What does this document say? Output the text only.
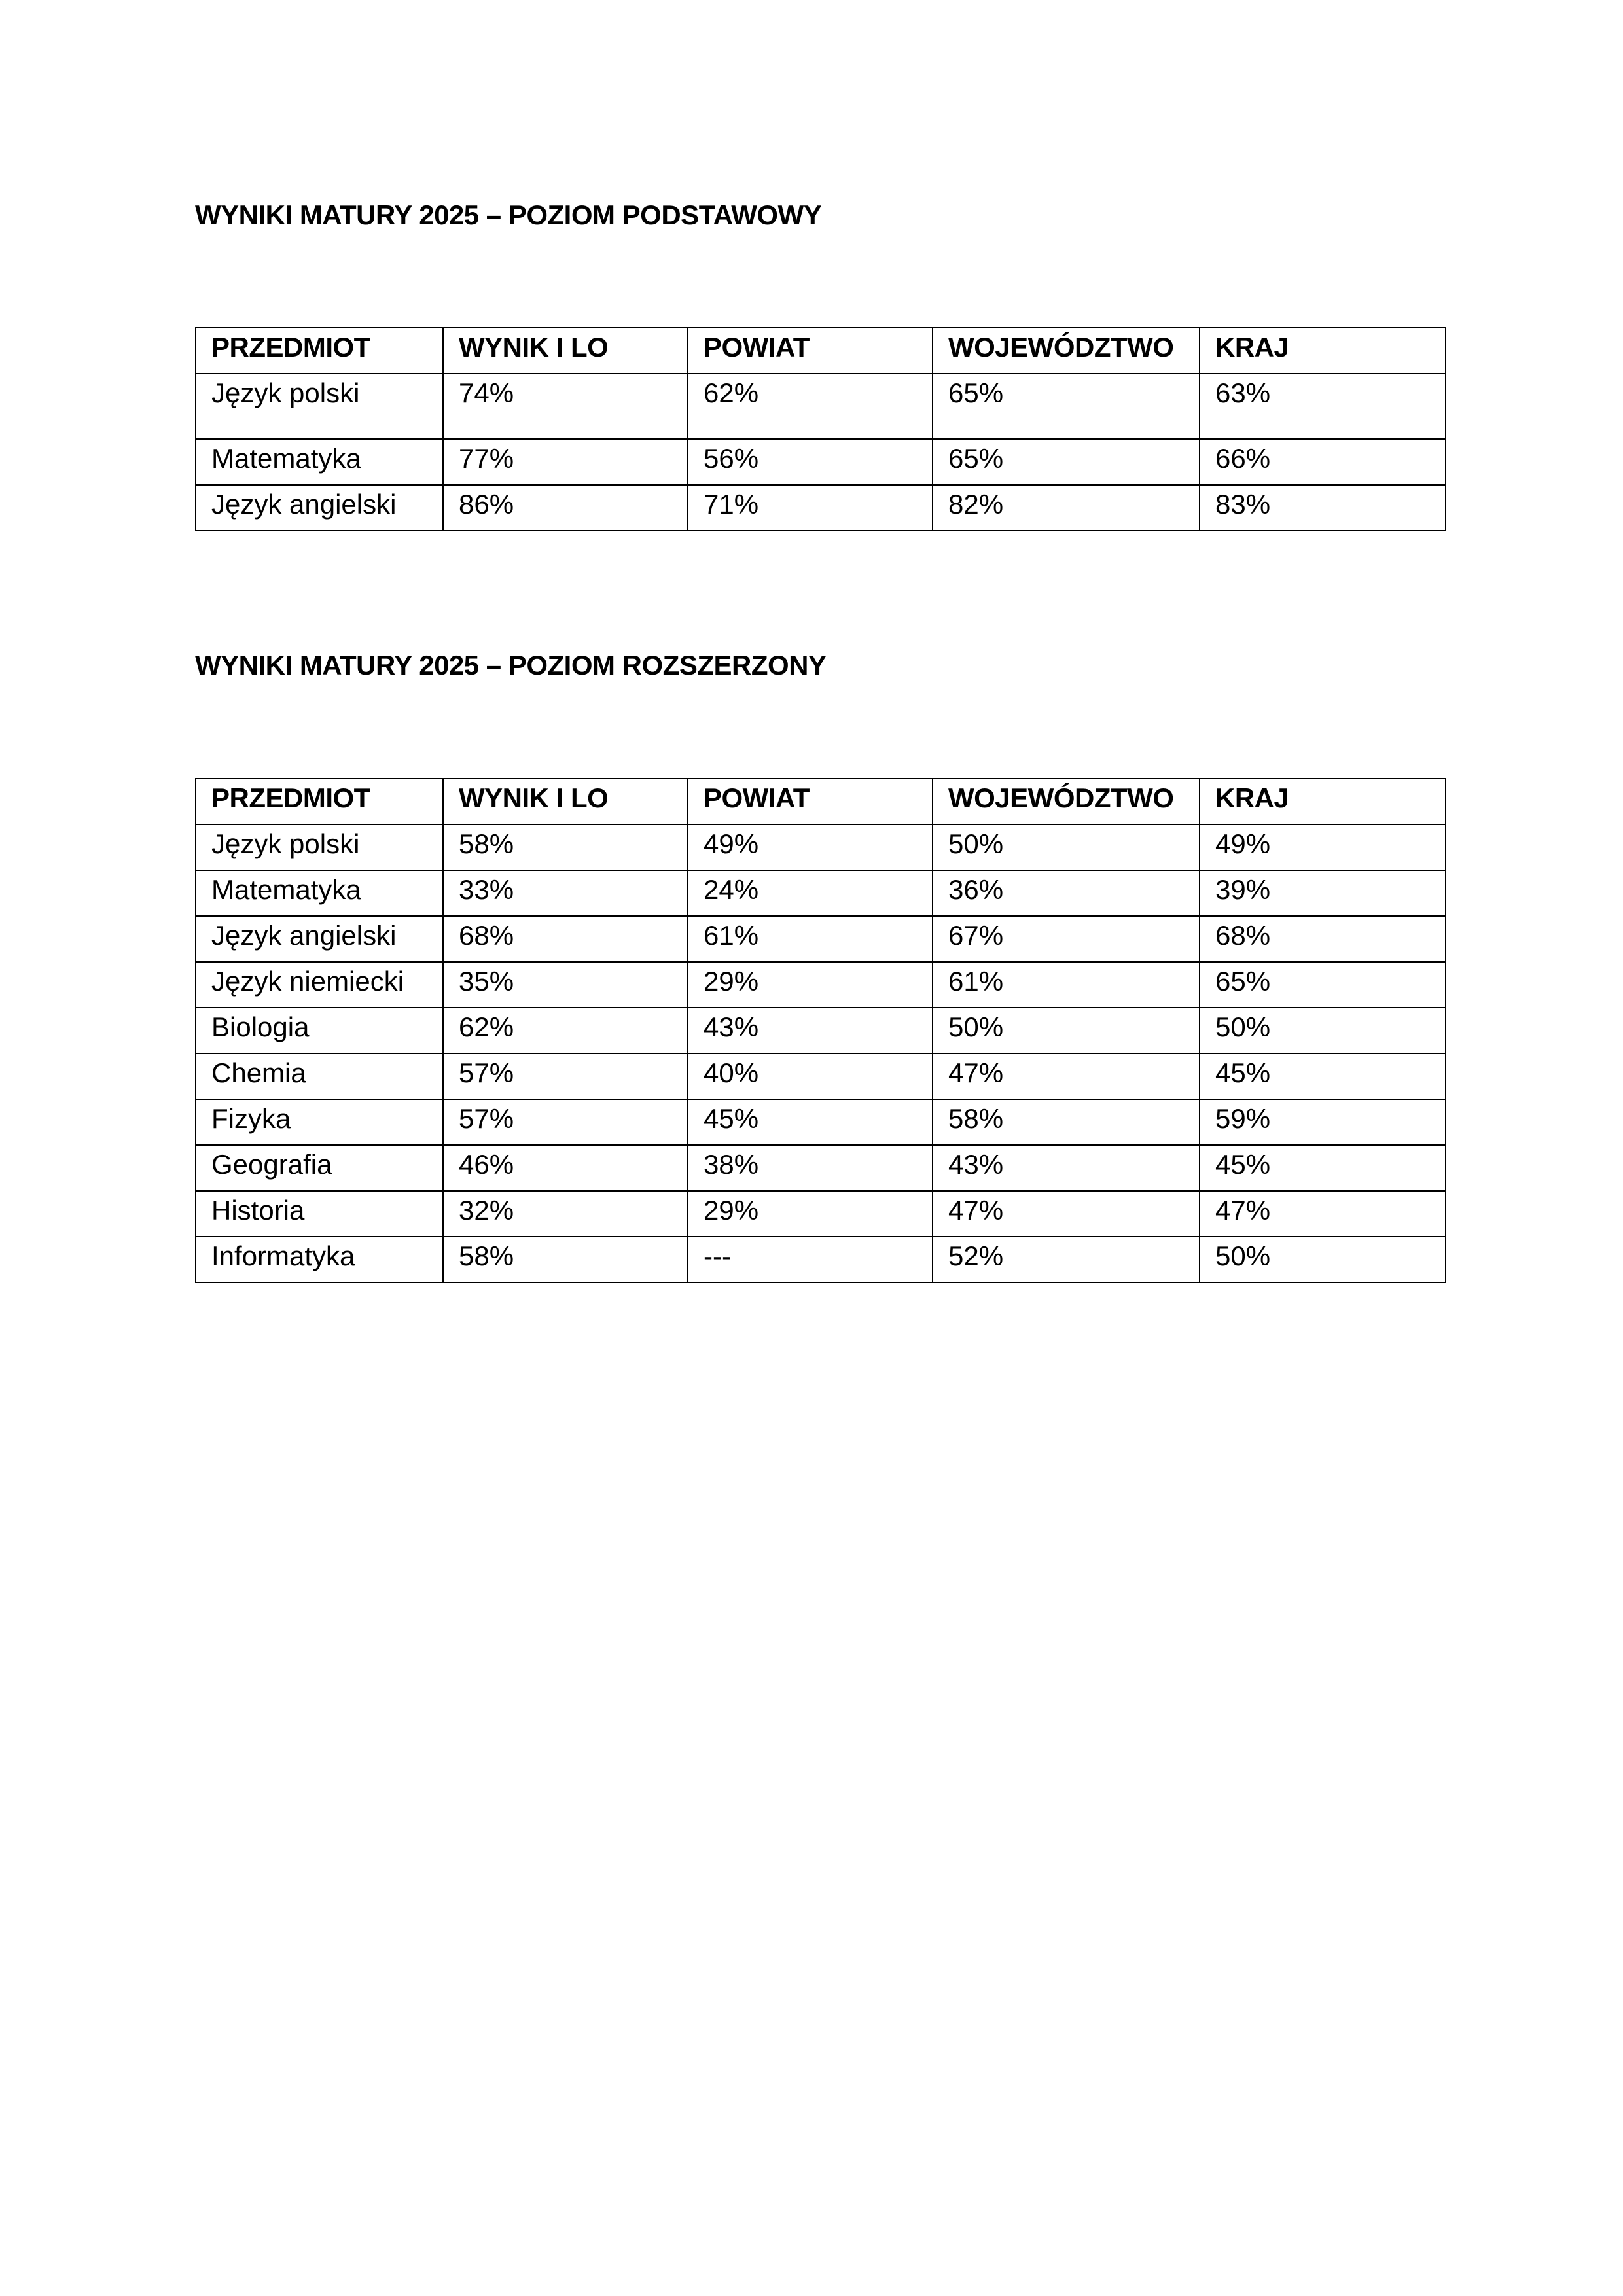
WYNIKI MATURY 2025 – POZIOM PODSTAWOWY
PRZEDMIOT	WYNIK I LO	POWIAT	WOJEWÓDZTWO	KRAJ
Język polski	74%	62%	65%	63%
Matematyka	77%	56%	65%	66%
Język angielski	86%	71%	82%	83%
WYNIKI MATURY 2025 – POZIOM ROZSZERZONY
PRZEDMIOT	WYNIK I LO	POWIAT	WOJEWÓDZTWO	KRAJ
Język polski	58%	49%	50%	49%
Matematyka	33%	24%	36%	39%
Język angielski	68%	61%	67%	68%
Język niemiecki	35%	29%	61%	65%
Biologia	62%	43%	50%	50%
Chemia	57%	40%	47%	45%
Fizyka	57%	45%	58%	59%
Geografia	46%	38%	43%	45%
Historia	32%	29%	47%	47%
Informatyka	58%	---	52%	50%
